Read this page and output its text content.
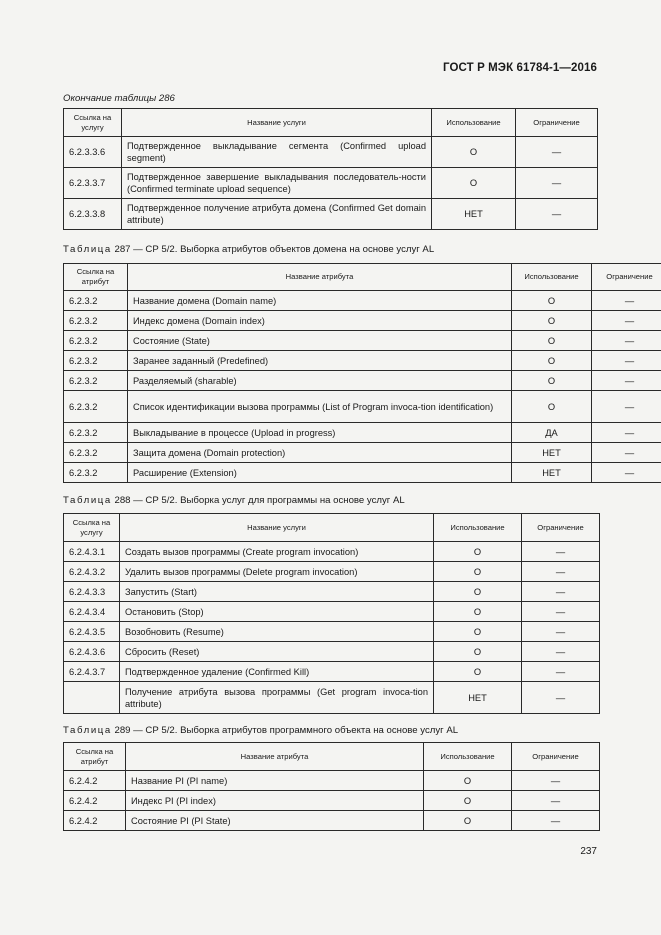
ГОСТ Р МЭК 61784-1—2016
Окончание таблицы 286
Ссылка на услугу	Название услуги	Использование	Ограничение
6.2.3.3.6	Подтвержденное выкладывание сегмента (Confirmed upload segment)	O	—
6.2.3.3.7	Подтвержденное завершение выкладывания последователь-ности (Confirmed terminate upload sequence)	O	—
6.2.3.3.8	Подтвержденное получение атрибута домена (Confirmed Get domain attribute)	НЕТ	—
Таблица 287 — СР 5/2. Выборка атрибутов объектов домена на основе услуг AL
Ссылка на атрибут	Название атрибута	Использование	Ограничение
6.2.3.2	Название домена (Domain name)	O	—
6.2.3.2	Индекс домена (Domain index)	O	—
6.2.3.2	Состояние (State)	O	—
6.2.3.2	Заранее заданный (Predefined)	O	—
6.2.3.2	Разделяемый (sharable)	O	—
6.2.3.2	Список идентификации вызова программы (List of Program invoca-tion identification)	O	—
6.2.3.2	Выкладывание в процессе (Upload in progress)	ДА	—
6.2.3.2	Защита домена (Domain protection)	НЕТ	—
6.2.3.2	Расширение (Extension)	НЕТ	—
Таблица 288 — СР 5/2. Выборка услуг для программы на основе услуг AL
Ссылка на услугу	Название услуги	Использование	Ограничение
6.2.4.3.1	Создать вызов программы (Create program invocation)	O	—
6.2.4.3.2	Удалить вызов программы (Delete program invocation)	O	—
6.2.4.3.3	Запустить (Start)	O	—
6.2.4.3.4	Остановить (Stop)	O	—
6.2.4.3.5	Возобновить (Resume)	O	—
6.2.4.3.6	Сбросить (Reset)	O	—
6.2.4.3.7	Подтвержденное удаление (Confirmed Kill)	O	—
	Получение атрибута вызова программы (Get program invoca-tion attribute)	НЕТ	—
Таблица 289 — СР 5/2. Выборка атрибутов программного объекта на основе услуг AL
Ссылка на атрибут	Название атрибута	Использование	Ограничение
6.2.4.2	Название PI (PI name)	O	—
6.2.4.2	Индекс PI (PI index)	O	—
6.2.4.2	Состояние PI (PI State)	O	—
237
